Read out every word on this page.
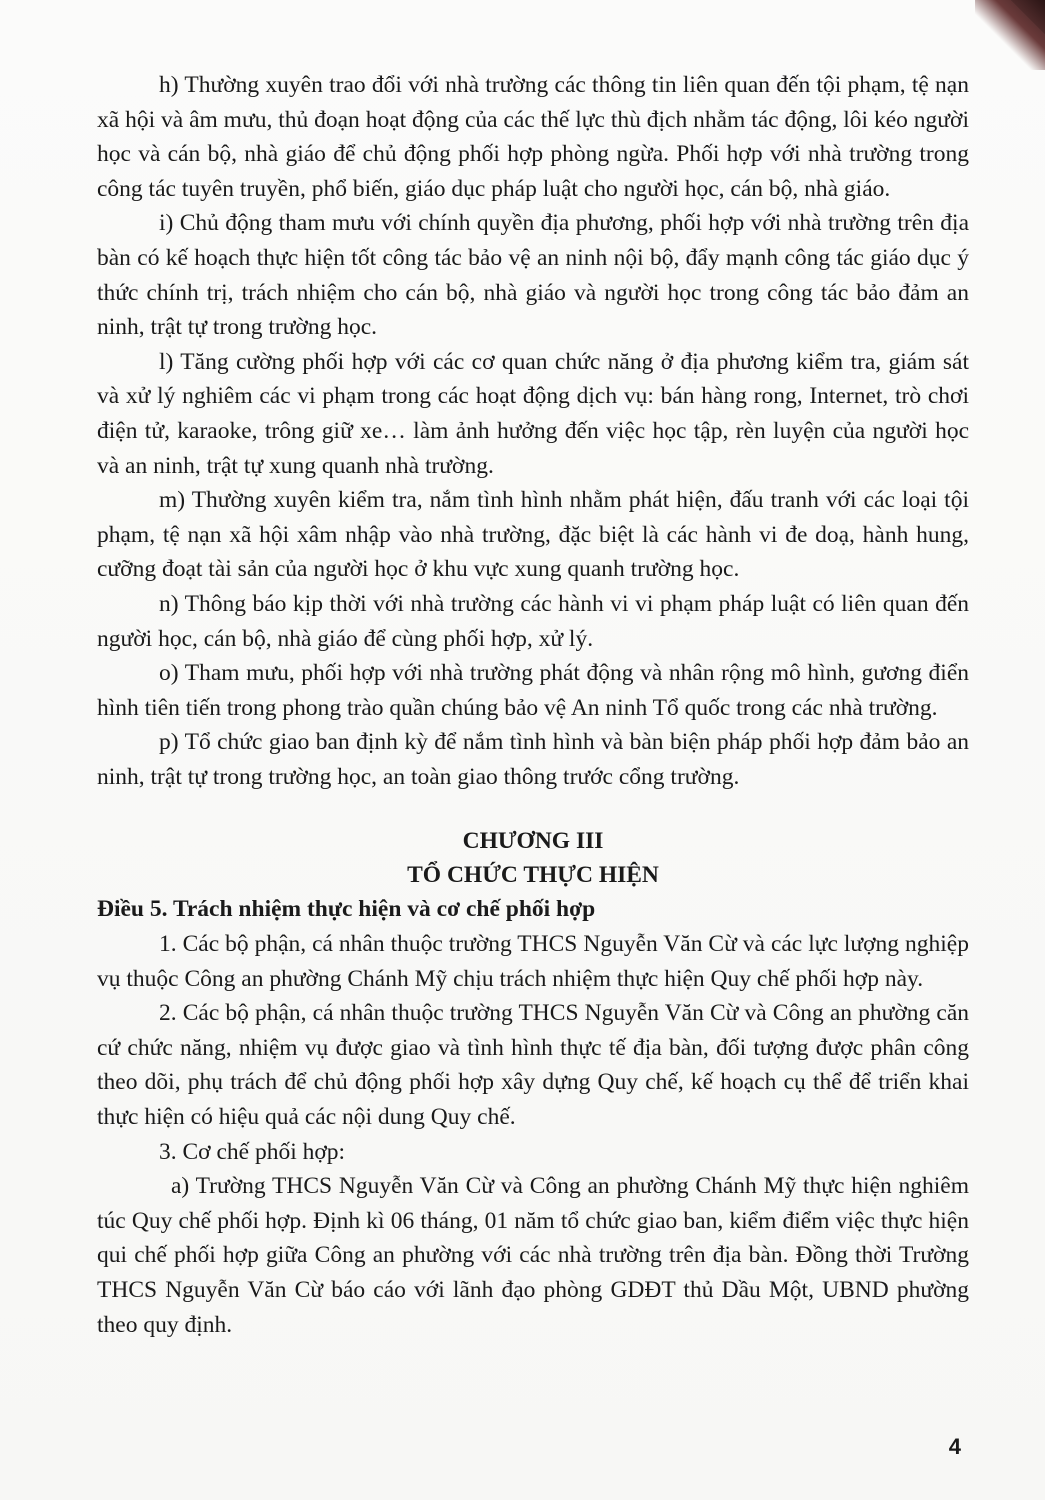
h) Thường xuyên trao đổi với nhà trường các thông tin liên quan đến tội phạm, tệ nạn xã hội và âm mưu, thủ đoạn hoạt động của các thế lực thù địch nhằm tác động, lôi kéo người học và cán bộ, nhà giáo để chủ động phối hợp phòng ngừa. Phối hợp với nhà trường trong công tác tuyên truyền, phổ biến, giáo dục pháp luật cho người học, cán bộ, nhà giáo.

i) Chủ động tham mưu với chính quyền địa phương, phối hợp với nhà trường trên địa bàn có kế hoạch thực hiện tốt công tác bảo vệ an ninh nội bộ, đẩy mạnh công tác giáo dục ý thức chính trị, trách nhiệm cho cán bộ, nhà giáo và người học trong công tác bảo đảm an ninh, trật tự trong trường học.

l) Tăng cường phối hợp với các cơ quan chức năng ở địa phương kiểm tra, giám sát và xử lý nghiêm các vi phạm trong các hoạt động dịch vụ: bán hàng rong, Internet, trò chơi điện tử, karaoke, trông giữ xe… làm ảnh hưởng đến việc học tập, rèn luyện của người học và an ninh, trật tự xung quanh nhà trường.

m) Thường xuyên kiểm tra, nắm tình hình nhằm phát hiện, đấu tranh với các loại tội phạm, tệ nạn xã hội xâm nhập vào nhà trường, đặc biệt là các hành vi đe doạ, hành hung, cưỡng đoạt tài sản của người học ở khu vực xung quanh trường học.

n) Thông báo kịp thời với nhà trường các hành vi vi phạm pháp luật có liên quan đến người học, cán bộ, nhà giáo để cùng phối hợp, xử lý.

o) Tham mưu, phối hợp với nhà trường phát động và nhân rộng mô hình, gương điển hình tiên tiến trong phong trào quần chúng bảo vệ An ninh Tổ quốc trong các nhà trường.

p) Tổ chức giao ban định kỳ để nắm tình hình và bàn biện pháp phối hợp đảm bảo an ninh, trật tự trong trường học, an toàn giao thông trước cổng trường.

CHƯƠNG III

TỔ CHỨC THỰC HIỆN

Điều 5. Trách nhiệm thực hiện và cơ chế phối hợp

1. Các bộ phận, cá nhân thuộc trường THCS Nguyễn Văn Cừ và các lực lượng nghiệp vụ thuộc Công an phường Chánh Mỹ chịu trách nhiệm thực hiện Quy chế phối hợp này.

2. Các bộ phận, cá nhân thuộc trường THCS Nguyễn Văn Cừ và Công an phường căn cứ chức năng, nhiệm vụ được giao và tình hình thực tế địa bàn, đối tượng được phân công theo dõi, phụ trách để chủ động phối hợp xây dựng Quy chế, kế hoạch cụ thể để triển khai thực hiện có hiệu quả các nội dung Quy chế.

3. Cơ chế phối hợp:

a) Trường THCS Nguyễn Văn Cừ và Công an phường Chánh Mỹ thực hiện nghiêm túc Quy chế phối hợp. Định kì 06 tháng, 01 năm tổ chức giao ban, kiểm điểm việc thực hiện qui chế phối hợp giữa Công an phường với các nhà trường trên địa bàn. Đồng thời Trường THCS Nguyễn Văn Cừ báo cáo với lãnh đạo phòng GDĐT thủ Dầu Một, UBND phường theo quy định.

4
